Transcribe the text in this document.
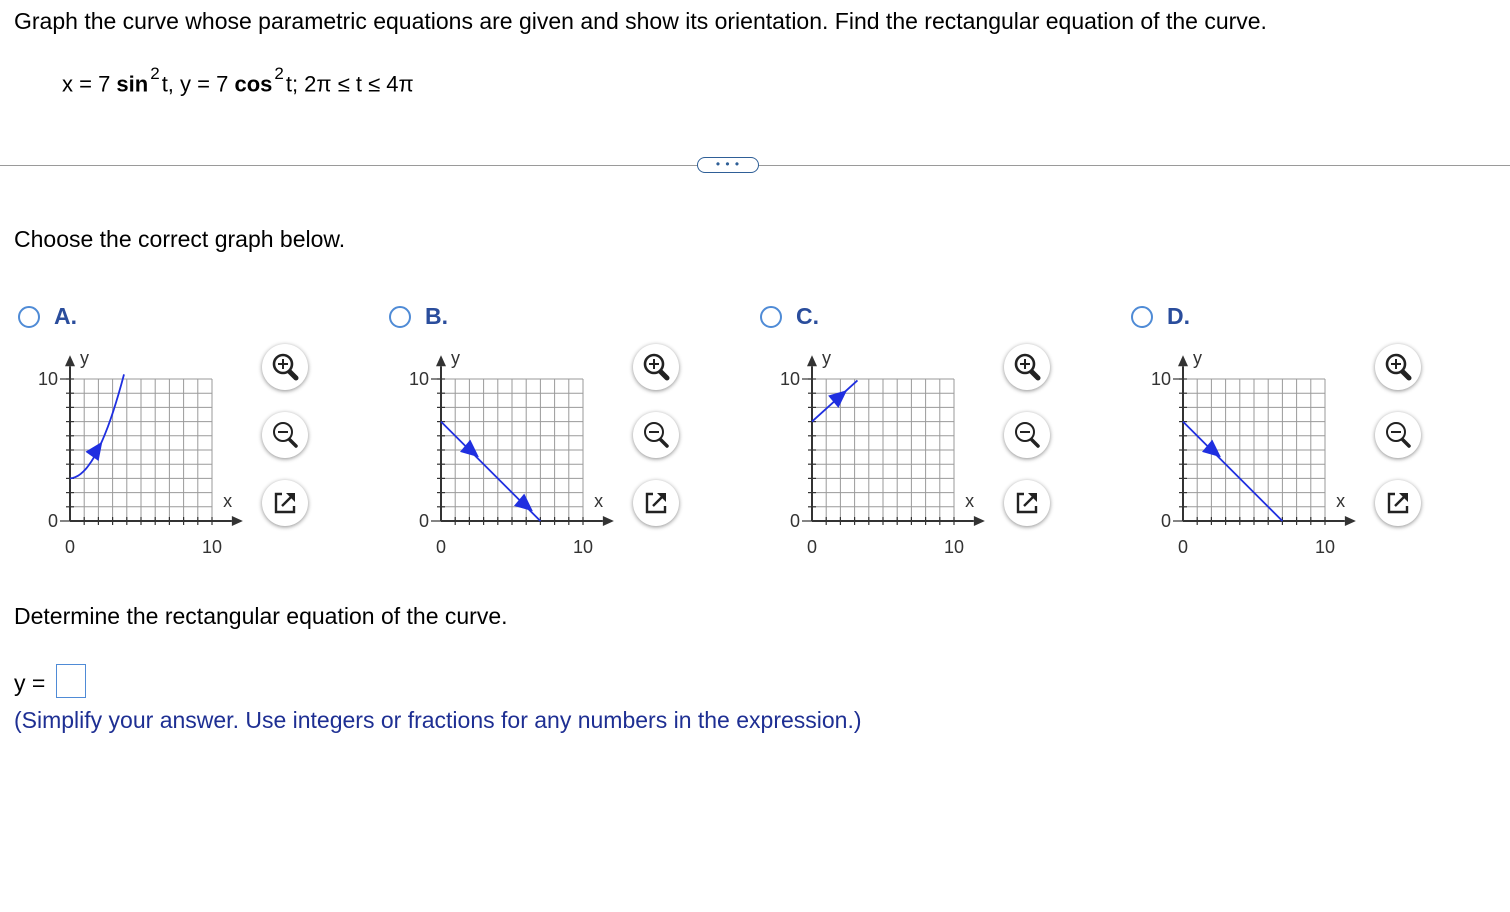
Graph the curve whose parametric equations are given and show its orientation. Find the rectangular equation of the curve.
x = 7 sin $^2$t, y = 7 cos $^2$t; 2π ≤ t ≤ 4π
• • •
Choose the correct graph below.
A.
y
x
10
0
0	10
B.
y
x
10
0
0	10
C.
y
x
10
0
0	10
D.
y
x
10
0
0	10
Determine the rectangular equation of the curve.
y =
(Simplify your answer. Use integers or fractions for any numbers in the expression.)
